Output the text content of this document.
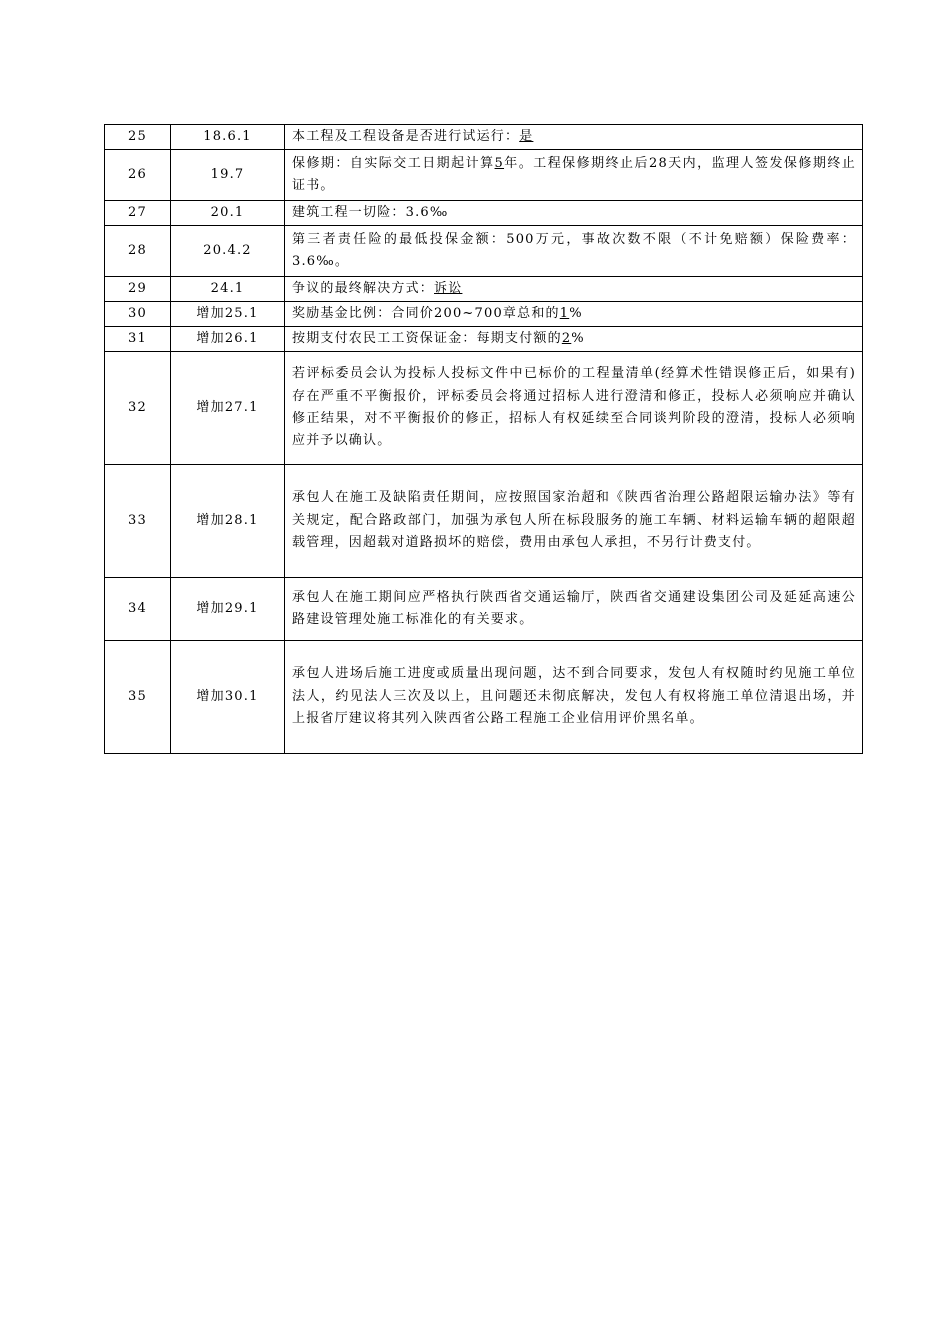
25	18.6.1	本工程及工程设备是否进行试运行：是
26	19.7	保修期：自实际交工日期起计算5年。工程保修期终止后28天内，监理人签发保修期终止证书。
27	20.1	建筑工程一切险：3.6‰
28	20.4.2	第三者责任险的最低投保金额：500万元，事故次数不限（不计免赔额）保险费率：3.6‰。
29	24.1	争议的最终解决方式：诉讼
30	增加25.1	奖励基金比例：合同价200~700章总和的1%
31	增加26.1	按期支付农民工工资保证金：每期支付额的2%
32	增加27.1	若评标委员会认为投标人投标文件中已标价的工程量清单(经算术性错误修正后，如果有)存在严重不平衡报价，评标委员会将通过招标人进行澄清和修正，投标人必须响应并确认修正结果，对不平衡报价的修正，招标人有权延续至合同谈判阶段的澄清，投标人必须响应并予以确认。
33	增加28.1	承包人在施工及缺陷责任期间，应按照国家治超和《陕西省治理公路超限运输办法》等有关规定，配合路政部门，加强为承包人所在标段服务的施工车辆、材料运输车辆的超限超载管理，因超载对道路损坏的赔偿，费用由承包人承担，不另行计费支付。
34	增加29.1	承包人在施工期间应严格执行陕西省交通运输厅，陕西省交通建设集团公司及延延高速公路建设管理处施工标准化的有关要求。
35	增加30.1	承包人进场后施工进度或质量出现问题，达不到合同要求，发包人有权随时约见施工单位法人，约见法人三次及以上，且问题还未彻底解决，发包人有权将施工单位清退出场，并上报省厅建议将其列入陕西省公路工程施工企业信用评价黑名单。
